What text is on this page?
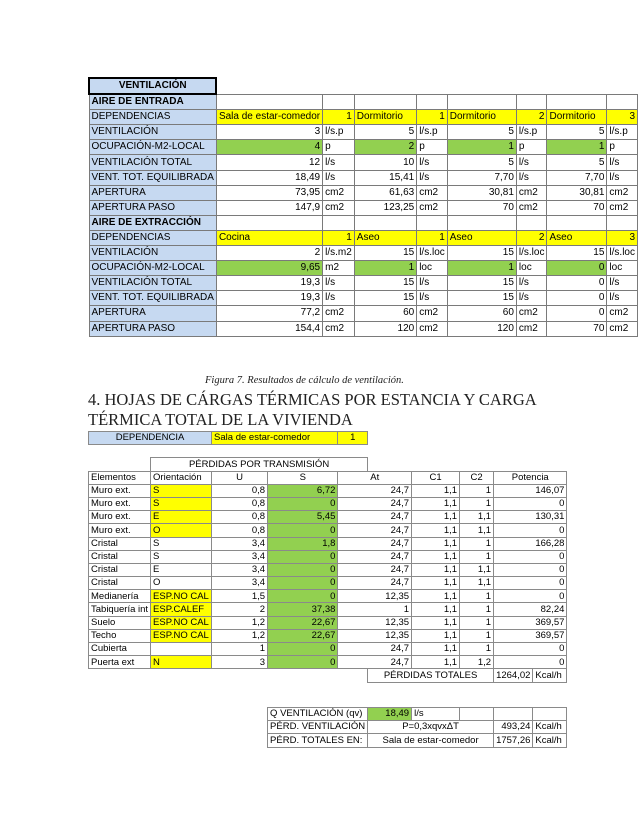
VENTILACIÓN								
AIRE DE ENTRADA								
DEPENDENCIAS	Sala de estar-comedor	1	Dormitorio	1	Dormitorio	2	Dormitorio	3
VENTILACIÓN	3	l/s.p	5	l/s.p	5	l/s.p	5	l/s.p
OCUPACIÓN-M2-LOCAL	4	p	2	p	1	p	1	p
VENTILACIÓN TOTAL	12	l/s	10	l/s	5	l/s	5	l/s
VENT. TOT. EQUILIBRADA	18,49	l/s	15,41	l/s	7,70	l/s	7,70	l/s
APERTURA	73,95	cm2	61,63	cm2	30,81	cm2	30,81	cm2
APERTURA PASO	147,9	cm2	123,25	cm2	70	cm2	70	cm2
AIRE DE EXTRACCIÓN								
DEPENDENCIAS	Cocina	1	Aseo	1	Aseo	2	Aseo	3
VENTILACIÓN	2	l/s.m2	15	l/s.loc	15	l/s.loc	15	l/s.loc
OCUPACIÓN-M2-LOCAL	9,65	m2	1	loc	1	loc	0	loc
VENTILACIÓN TOTAL	19,3	l/s	15	l/s	15	l/s	0	l/s
VENT. TOT. EQUILIBRADA	19,3	l/s	15	l/s	15	l/s	0	l/s
APERTURA	77,2	cm2	60	cm2	60	cm2	0	cm2
APERTURA PASO	154,4	cm2	120	cm2	120	cm2	70	cm2
Figura 7. Resultados de cálculo de ventilación.
4. HOJAS DE CÁRGAS TÉRMICAS POR ESTANCIA Y CARGA TÉRMICA TOTAL DE LA VIVIENDA
DEPENDENCIA		Sala de estar-comedor		1					

	PÉRDIDAS POR TRANSMISIÓN								
Elementos	Orientación	U	S	At		C1	C2	Potencia	
Muro ext.	S	0,8	6,72	24,7		1,1	1	146,07	
Muro ext.	S	0,8	0	24,7		1,1	1	0	
Muro ext.	E	0,8	5,45	24,7		1,1	1,1	130,31	
Muro ext.	O	0,8	0	24,7		1,1	1,1	0	
Cristal	S	3,4	1,8	24,7		1,1	1	166,28	
Cristal	S	3,4	0	24,7		1,1	1	0	
Cristal	E	3,4	0	24,7		1,1	1,1	0	
Cristal	O	3,4	0	24,7		1,1	1,1	0	
Medianería	ESP.NO CAL	1,5	0	12,35		1,1	1	0	
Tabiquería int	ESP.CALEF	2	37,38	1		1,1	1	82,24	
Suelo	ESP.NO CAL	1,2	22,67	12,35		1,1	1	369,57	
Techo	ESP.NO CAL	1,2	22,67	12,35		1,1	1	369,57	
Cubierta		1	0	24,7		1,1	1	0	
Puerta ext	N	3	0	24,7		1,1	1,2	0	
					PÉRDIDAS TOTALES			1264,02	Kcal/h

			Q VENTILACIÓN (qv)		18,49	l/s			
			PÉRD. VENTILACIÓN		P=0,3xqvxΔT			493,24	Kcal/h
			PÉRD. TOTALES EN:		Sala de estar-comedor			1757,26	Kcal/h
